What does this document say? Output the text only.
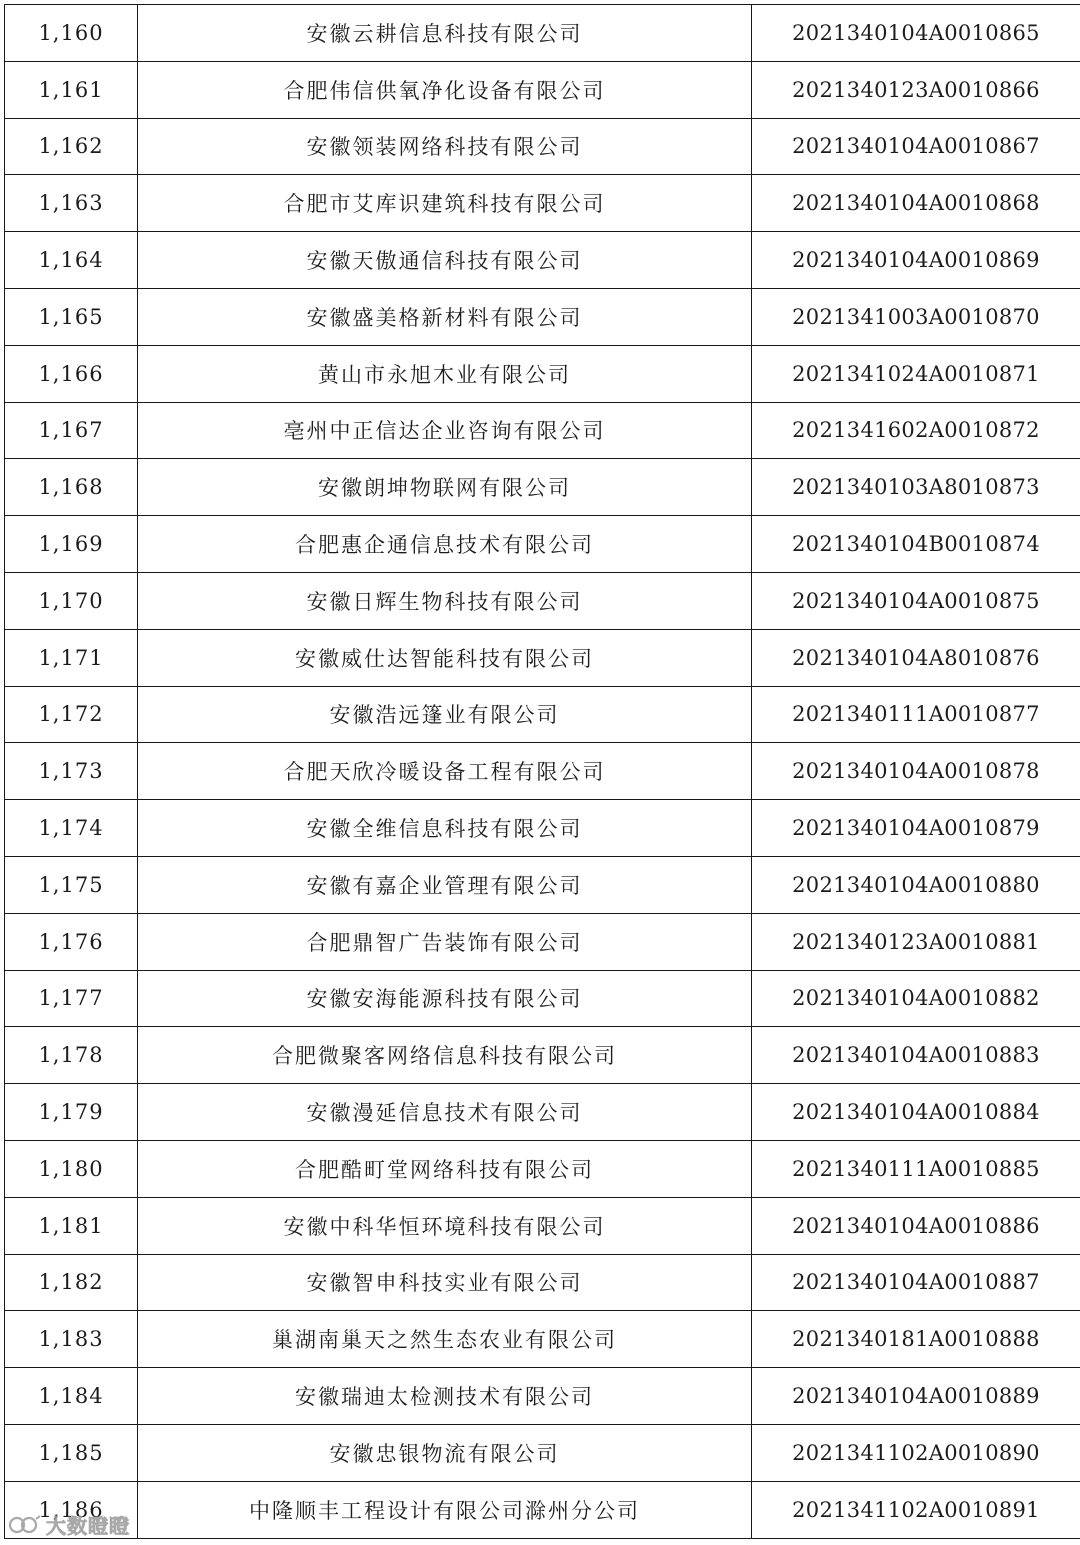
1,160	安徽云耕信息科技有限公司	2021340104A0010865
1,161	合肥伟信供氧净化设备有限公司	2021340123A0010866
1,162	安徽领装网络科技有限公司	2021340104A0010867
1,163	合肥市艾库识建筑科技有限公司	2021340104A0010868
1,164	安徽天傲通信科技有限公司	2021340104A0010869
1,165	安徽盛美格新材料有限公司	2021341003A0010870
1,166	黄山市永旭木业有限公司	2021341024A0010871
1,167	亳州中正信达企业咨询有限公司	2021341602A0010872
1,168	安徽朗坤物联网有限公司	2021340103A8010873
1,169	合肥惠企通信息技术有限公司	2021340104B0010874
1,170	安徽日辉生物科技有限公司	2021340104A0010875
1,171	安徽威仕达智能科技有限公司	2021340104A8010876
1,172	安徽浩远篷业有限公司	2021340111A0010877
1,173	合肥天欣冷暖设备工程有限公司	2021340104A0010878
1,174	安徽全维信息科技有限公司	2021340104A0010879
1,175	安徽有嘉企业管理有限公司	2021340104A0010880
1,176	合肥鼎智广告装饰有限公司	2021340123A0010881
1,177	安徽安海能源科技有限公司	2021340104A0010882
1,178	合肥微聚客网络信息科技有限公司	2021340104A0010883
1,179	安徽漫延信息技术有限公司	2021340104A0010884
1,180	合肥酷町堂网络科技有限公司	2021340111A0010885
1,181	安徽中科华恒环境科技有限公司	2021340104A0010886
1,182	安徽智申科技实业有限公司	2021340104A0010887
1,183	巢湖南巢天之然生态农业有限公司	2021340181A0010888
1,184	安徽瑞迪太检测技术有限公司	2021340104A0010889
1,185	安徽忠银物流有限公司	2021341102A0010890
1,186	中隆顺丰工程设计有限公司滁州分公司	2021341102A0010891
大数瞪瞪
